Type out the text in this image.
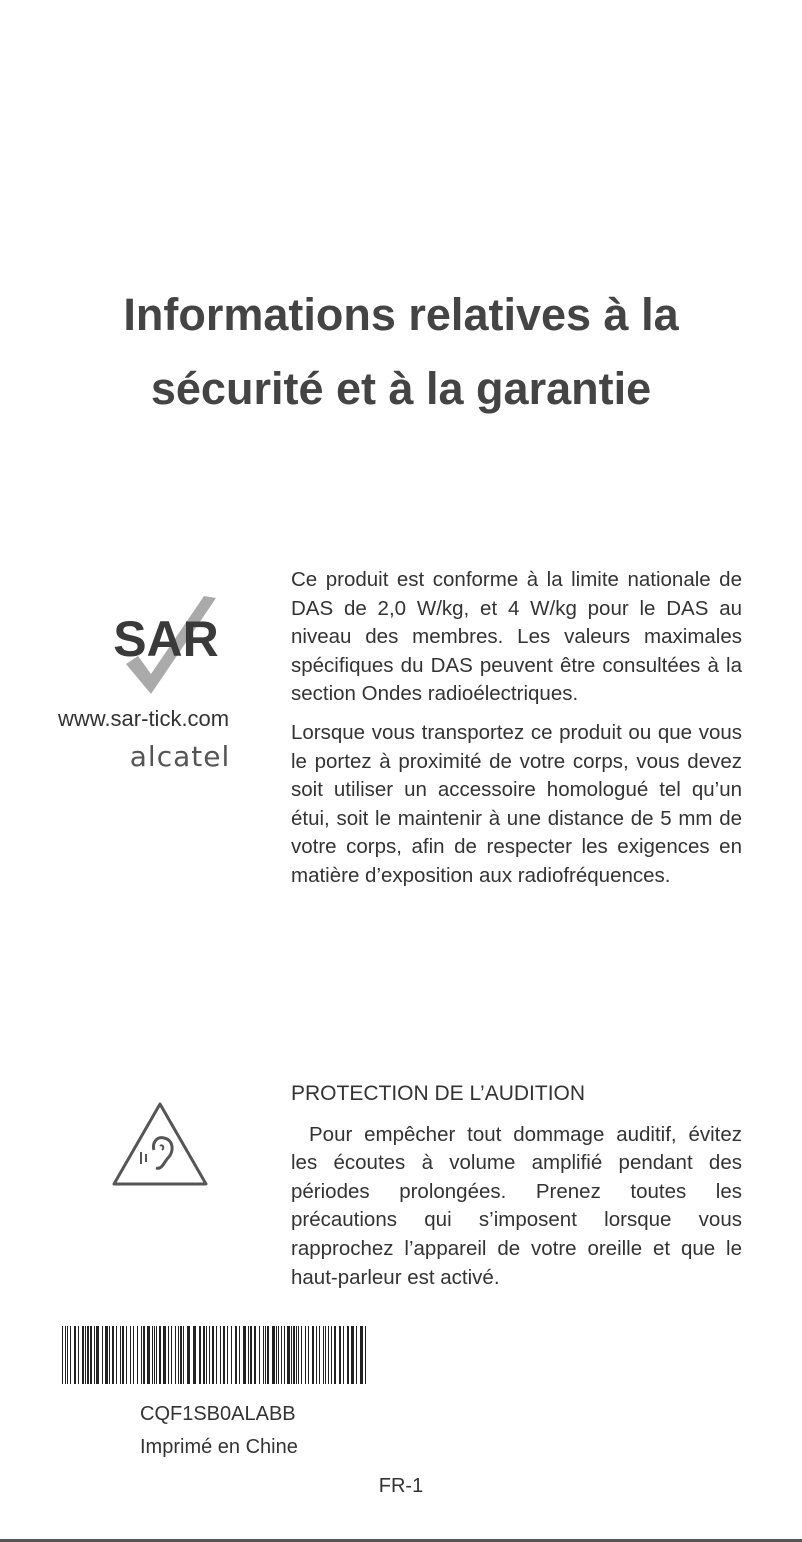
Informations relatives à la
sécurité et à la garantie
SAR
www.sar-tick.com
alcatel

Ce produit est conforme à la limite nationale de DAS de 2,0 W/kg, et 4 W/kg pour le DAS au niveau des membres. Les valeurs maximales spécifiques du DAS peuvent être consultées à la section Ondes radioélectriques.

Lorsque vous transportez ce produit ou que vous le portez à proximité de votre corps, vous devez soit utiliser un accessoire homologué tel qu’un étui, soit le maintenir à une distance de 5 mm de votre corps, afin de respecter les exigences en matière d’exposition aux radiofréquences.

PROTECTION DE L’AUDITION

Pour empêcher tout dommage auditif, évitez les écoutes à volume amplifié pendant des périodes prolongées. Prenez toutes les précautions qui s’imposent lorsque vous rapprochez l’appareil de votre oreille et que le haut-parleur est activé.

CQF1SB0ALABB
Imprimé en Chine
FR-1
